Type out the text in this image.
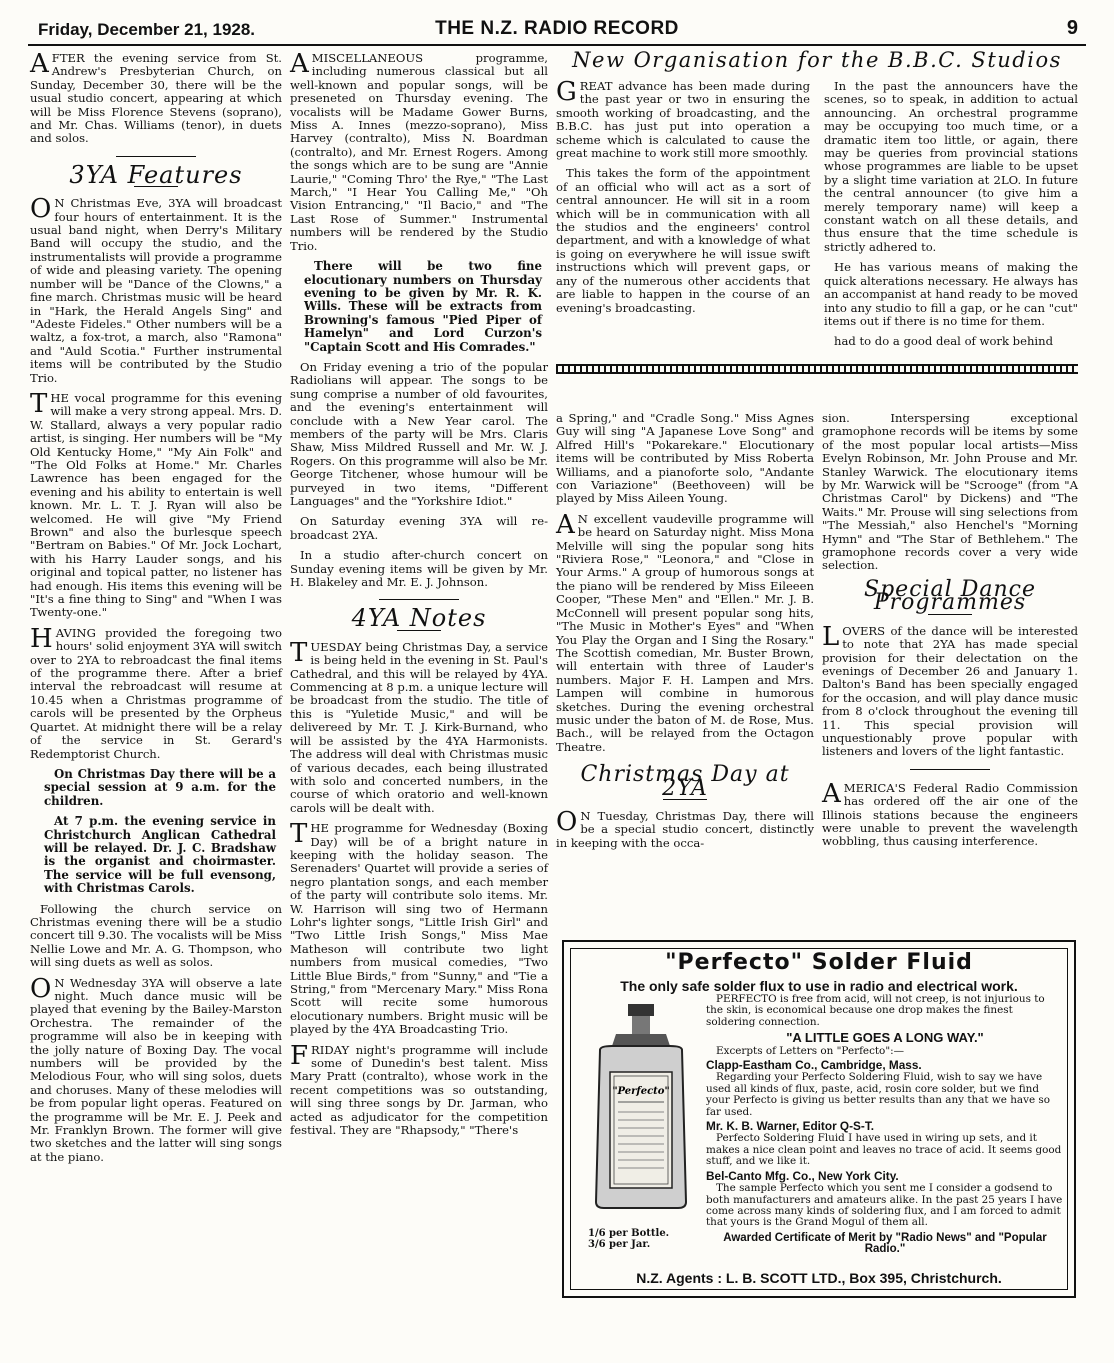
Friday, December 21, 1928.	THE N.Z. RADIO RECORD	9

AFTER the evening service from St. Andrew's Presbyterian Church, on Sunday, December 30, there will be the usual studio concert, appearing at which will be Miss Florence Stevens (soprano), and Mr. Chas. Williams (tenor), in duets and solos.

3YA Features

ON Christmas Eve, 3YA will broadcast four hours of entertainment. It is the usual band night, when Derry's Military Band will occupy the studio, and the instrumentalists will provide a programme of wide and pleasing variety. The opening number will be "Dance of the Clowns," a fine march. Christmas music will be heard in "Hark, the Herald Angels Sing" and "Adeste Fideles." Other numbers will be a waltz, a fox-trot, a march, also "Ramona" and "Auld Scotia." Further instrumental items will be contributed by the Studio Trio.

THE vocal programme for this evening will make a very strong appeal. Mrs. D. W. Stallard, always a very popular radio artist, is singing. Her numbers will be "My Old Kentucky Home," "My Ain Folk" and "The Old Folks at Home." Mr. Charles Lawrence has been engaged for the evening and his ability to entertain is well known. Mr. L. T. J. Ryan will also be welcomed. He will give "My Friend Brown" and also the burlesque speech "Bertram on Babies." Of Mr. Jock Lochart, with his Harry Lauder songs, and his original and topical patter, no listener has had enough. His items this evening will be "It's a fine thing to Sing" and "When I was Twenty-one."

HAVING provided the foregoing two hours' solid enjoyment 3YA will switch over to 2YA to rebroadcast the final items of the programme there. After a brief interval the rebroadcast will resume at 10.45 when a Christmas programme of carols will be presented by the Orpheus Quartet. At midnight there will be a relay of the service in St. Gerard's Redemptorist Church.

On Christmas Day there will be a special session at 9 a.m. for the children.

At 7 p.m. the evening service in Christchurch Anglican Cathedral will be relayed. Dr. J. C. Bradshaw is the organist and choirmaster. The service will be full evensong, with Christmas Carols.

Following the church service on Christmas evening there will be a studio concert till 9.30. The vocalists will be Miss Nellie Lowe and Mr. A. G. Thompson, who will sing duets as well as solos.

ON Wednesday 3YA will observe a late night. Much dance music will be played that evening by the Bailey-Marston Orchestra. The remainder of the programme will also be in keeping with the jolly nature of Boxing Day. The vocal numbers will be provided by the Melodious Four, who will sing solos, duets and choruses. Many of these melodies will be from popular light operas. Featured on the programme will be Mr. E. J. Peek and Mr. Franklyn Brown. The former will give two sketches and the latter will sing songs at the piano.

AMISCELLANEOUS programme, including numerous classical but all well-known and popular songs, will be preseneted on Thursday evening. The vocalists will be Madame Gower Burns, Miss A. Innes (mezzo-soprano), Miss Harvey (contralto), Miss N. Boardman (contralto), and Mr. Ernest Rogers. Among the songs which are to be sung are "Annie Laurie," "Coming Thro' the Rye," "The Last March," "I Hear You Calling Me," "Oh Vision Entrancing," "Il Bacio," and "The Last Rose of Summer." Instrumental numbers will be rendered by the Studio Trio.

There will be two fine elocutionary numbers on Thursday evening to be given by Mr. R. K. Wills. These will be extracts from Browning's famous "Pied Piper of Hamelyn" and Lord Curzon's "Captain Scott and His Comrades."

On Friday evening a trio of the popular Radiolians will appear. The songs to be sung comprise a number of old favourites, and the evening's entertainment will conclude with a New Year carol. The members of the party will be Mrs. Claris Shaw, Miss Mildred Russell and Mr. W. J. Rogers. On this programme will also be Mr. George Titchener, whose humour will be purveyed in two items, "Different Languages" and the "Yorkshire Idiot."

On Saturday evening 3YA will re-broadcast 2YA.

In a studio after-church concert on Sunday evening items will be given by Mr. H. Blakeley and Mr. E. J. Johnson.

4YA Notes

TUESDAY being Christmas Day, a service is being held in the evening in St. Paul's Cathedral, and this will be relayed by 4YA. Commencing at 8 p.m. a unique lecture will be broadcast from the studio. The title of this is "Yuletide Music," and will be delivereed by Mr. T. J. Kirk-Burnand, who will be assisted by the 4YA Harmonists. The address will deal with Christmas music of various decades, each being illustrated with solo and concerted numbers, in the course of which oratorio and well-known carols will be dealt with.

THE programme for Wednesday (Boxing Day) will be of a bright nature in keeping with the holiday season. The Serenaders' Quartet will provide a series of negro plantation songs, and each member of the party will contribute solo items. Mr. W. Harrison will sing two of Hermann Lohr's lighter songs, "Little Irish Girl" and "Two Little Irish Songs," Miss Mae Matheson will contribute two light numbers from musical comedies, "Two Little Blue Birds," from "Sunny," and "Tie a String," from "Mercenary Mary." Miss Rona Scott will recite some humorous elocutionary numbers. Bright music will be played by the 4YA Broadcasting Trio.

FRIDAY night's programme will include some of Dunedin's best talent. Miss Mary Pratt (contralto), whose work in the recent competitions was so outstanding, will sing three songs by Dr. Jarman, who acted as adjudicator for the competition festival. They are "Rhapsody," "There's

New Organisation for the B.B.C. Studios

GREAT advance has been made during the past year or two in ensuring the smooth working of broadcasting, and the B.B.C. has just put into operation a scheme which is calculated to cause the great machine to work still more smoothly.

This takes the form of the appointment of an official who will act as a sort of central announcer. He will sit in a room which will be in communication with all the studios and the engineers' control department, and with a knowledge of what is going on everywhere he will issue swift instructions which will prevent gaps, or any of the numerous other accidents that are liable to happen in the course of an evening's broadcasting.

In the past the announcers have the scenes, so to speak, in addition to actual announcing. An orchestral programme may be occupying too much time, or a dramatic item too little, or again, there may be queries from provincial stations whose programmes are liable to be upset by a slight time variation at 2LO. In future the central announcer (to give him a merely temporary name) will keep a constant watch on all these details, and thus ensure that the time schedule is strictly adhered to.

He has various means of making the quick alterations necessary. He always has an accompanist at hand ready to be moved into any studio to fill a gap, or he can "cut" items out if there is no time for them.

had to do a good deal of work behind

a Spring," and "Cradle Song." Miss Agnes Guy will sing "A Japanese Love Song" and Alfred Hill's "Pokarekare." Elocutionary items will be contributed by Miss Roberta Williams, and a pianoforte solo, "Andante con Variazione" (Beethoveen) will be played by Miss Aileen Young.

AN excellent vaudeville programme will be heard on Saturday night. Miss Mona Melville will sing the popular song hits "Riviera Rose," "Leonora," and "Close in Your Arms." A group of humorous songs at the piano will be rendered by Miss Eileeen Cooper, "These Men" and "Ellen." Mr. J. B. McConnell will present popular song hits, "The Music in Mother's Eyes" and "When You Play the Organ and I Sing the Rosary." The Scottish comedian, Mr. Buster Brown, will entertain with three of Lauder's numbers. Major F. H. Lampen and Mrs. Lampen will combine in humorous sketches. During the evening orchestral music under the baton of M. de Rose, Mus. Bach., will be relayed from the Octagon Theatre.

Christmas Day at 2YA

ON Tuesday, Christmas Day, there will be a special studio concert, distinctly in keeping with the occa-

sion. Interspersing exceptional gramophone records will be items by some of the most popular local artists—Miss Evelyn Robinson, Mr. John Prouse and Mr. Stanley Warwick. The elocutionary items by Mr. Warwick will be "Scrooge" (from "A Christmas Carol" by Dickens) and "The Waits." Mr. Prouse will sing selections from "The Messiah," also Henchel's "Morning Hymn" and "The Star of Bethlehem." The gramophone records cover a very wide selection.

Special Dance Programmes

LOVERS of the dance will be interested to note that 2YA has made special provision for their delectation on the evenings of December 26 and January 1. Dalton's Band has been specially engaged for the occasion, and will play dance music from 8 o'clock throughout the evening till 11. This special provision will unquestionably prove popular with listeners and lovers of the light fantastic.

AMERICA'S Federal Radio Commission has ordered off the air one of the Illinois stations because the engineers were unable to prevent the wavelength wobbling, thus causing interference.

"Perfecto" Solder Fluid
The only safe solder flux to use in radio and electrical work.
"Perfecto"
1/6 per Bottle.
3/6 per Jar.

PERFECTO is free from acid, will not creep, is not injurious to the skin, is economical because one drop makes the finest soldering connection.

"A LITTLE GOES A LONG WAY."
Excerpts of Letters on "Perfecto":—
Clapp-Eastham Co., Cambridge, Mass.

Regarding your Perfecto Soldering Fluid, wish to say we have used all kinds of flux, paste, acid, rosin core solder, but we find your Perfecto is giving us better results than any that we have so far used.

Mr. K. B. Warner, Editor Q-S-T.

Perfecto Soldering Fluid I have used in wiring up sets, and it makes a nice clean point and leaves no trace of acid. It seems good stuff, and we like it.

Bel-Canto Mfg. Co., New York City.

The sample Perfecto which you sent me I consider a godsend to both manufacturers and amateurs alike. In the past 25 years I have come across many kinds of soldering flux, and I am forced to admit that yours is the Grand Mogul of them all.

Awarded Certificate of Merit by "Radio News" and "Popular Radio."
N.Z. Agents : L. B. SCOTT LTD., Box 395, Christchurch.
